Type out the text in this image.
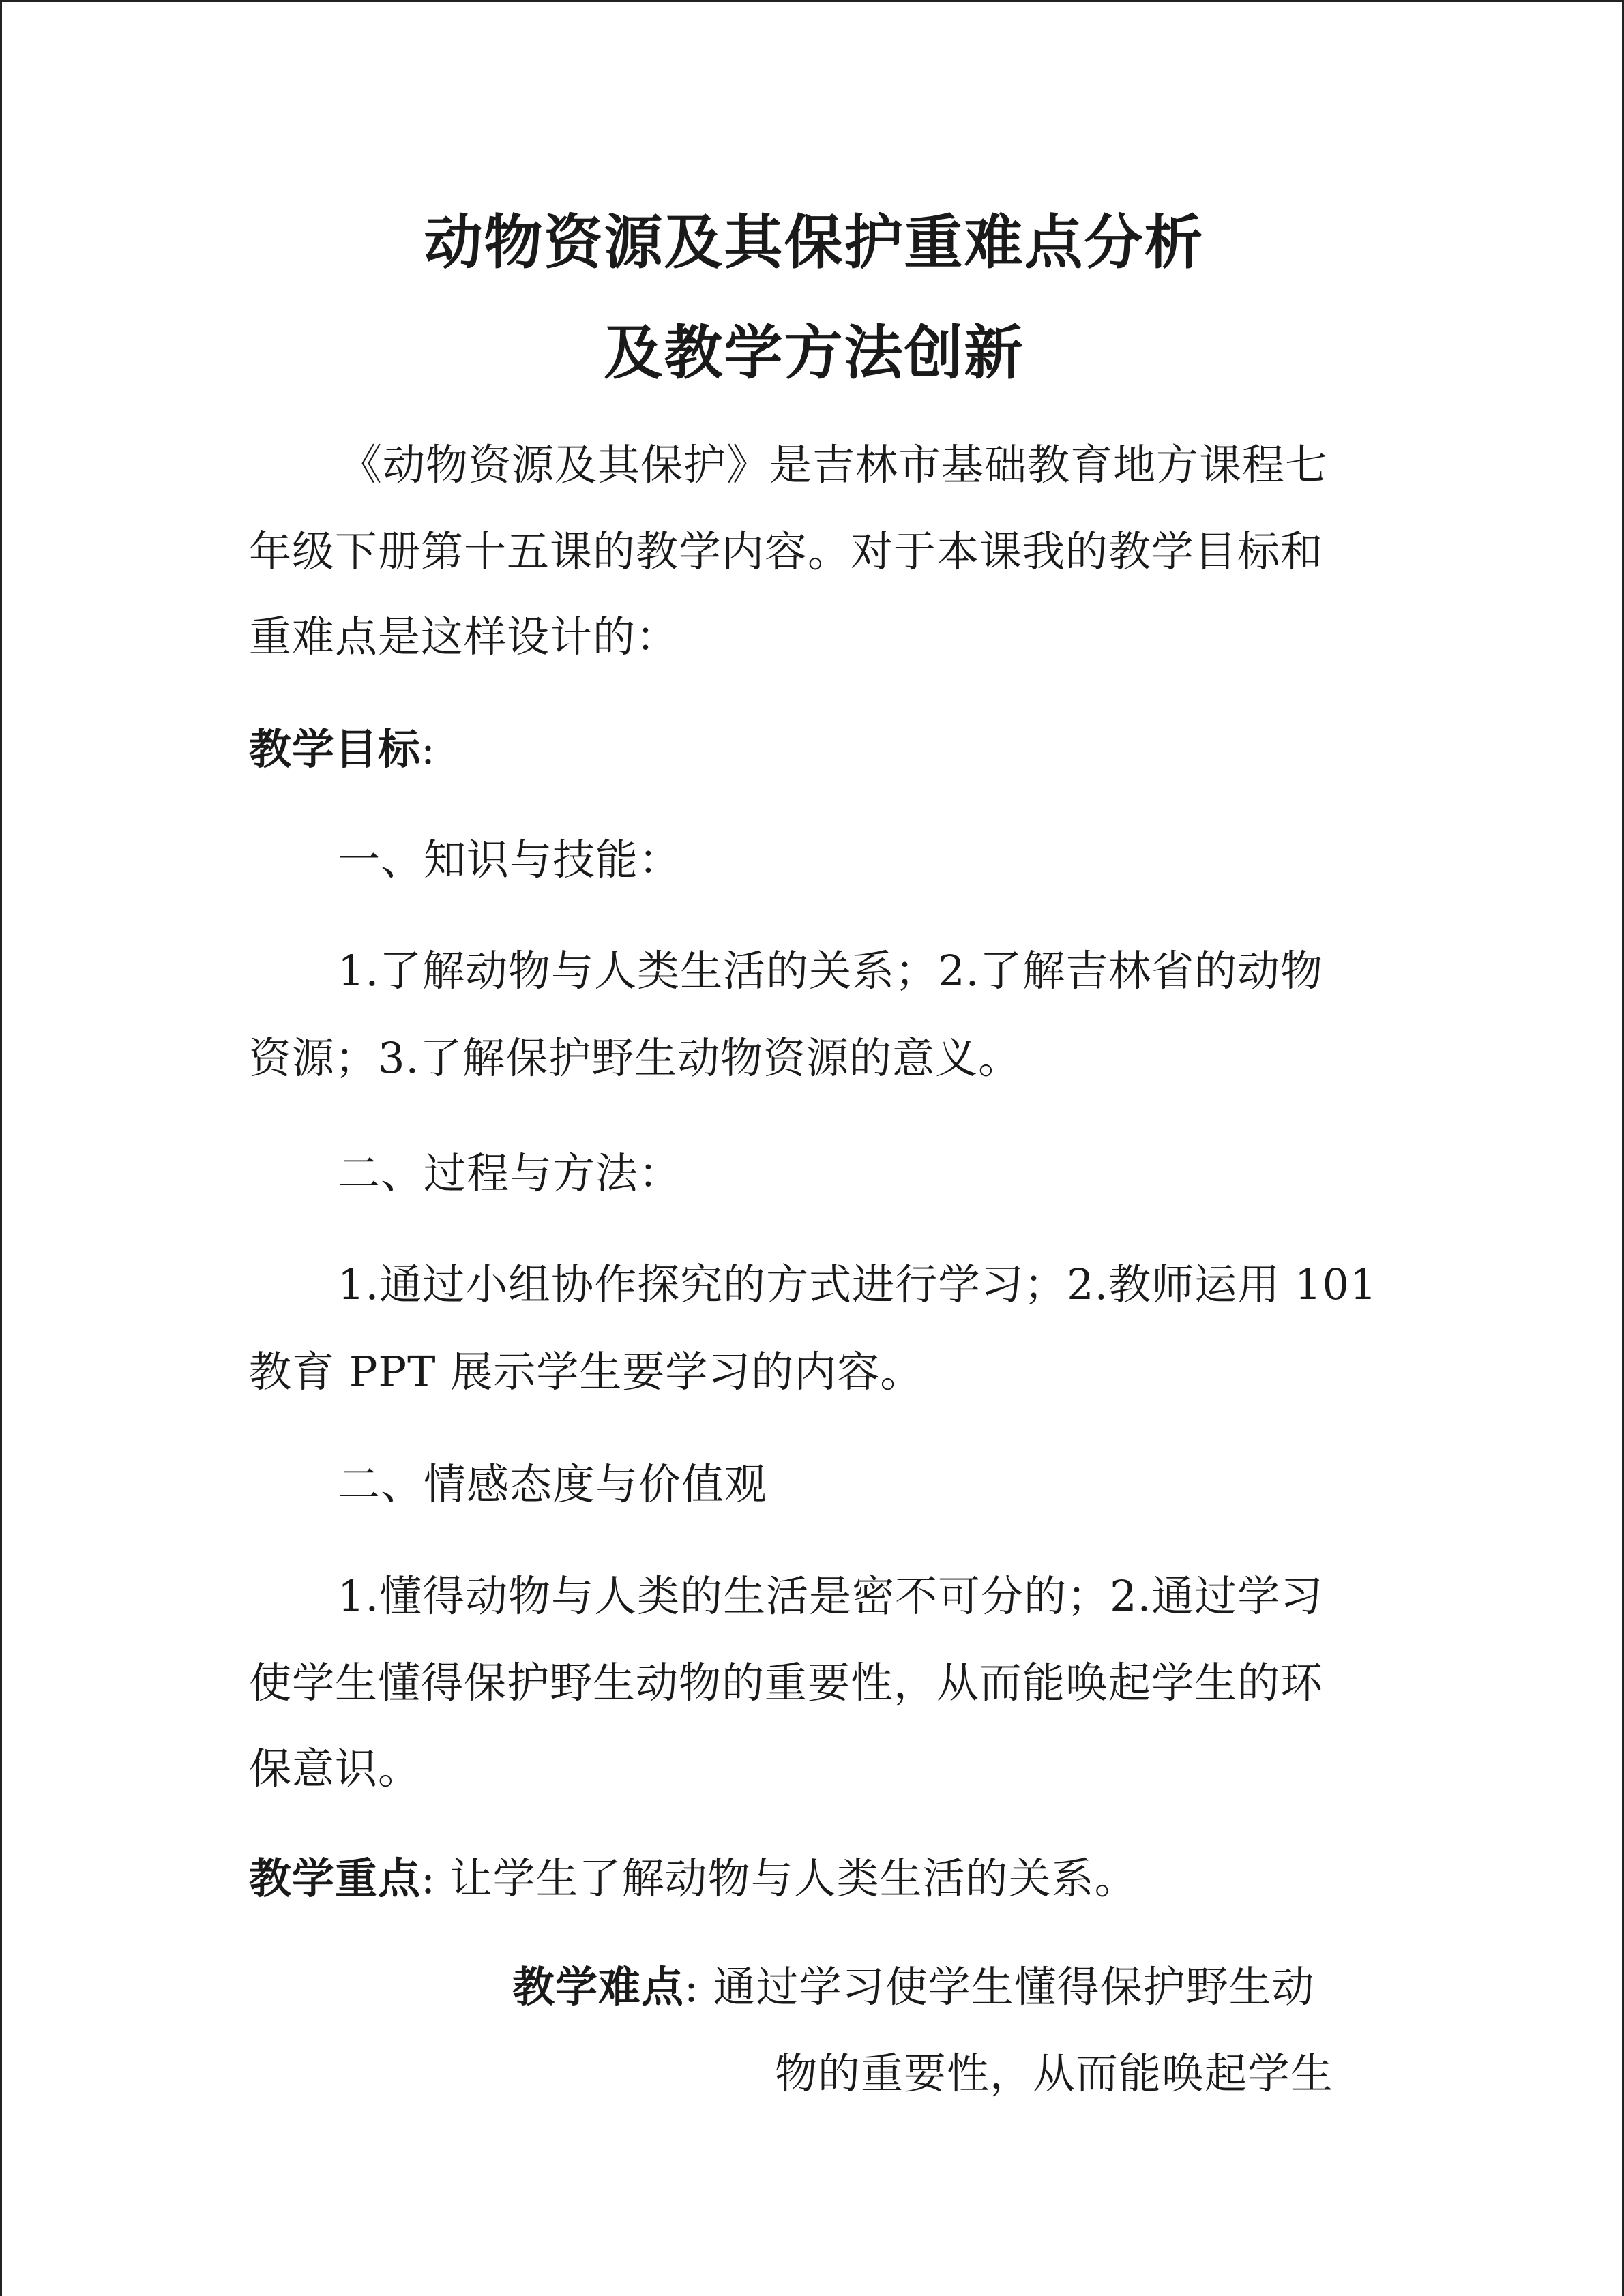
动物资源及其保护重难点分析
及教学方法创新
《动物资源及其保护》是吉林市基础教育地方课程七
年级下册第十五课的教学内容。对于本课我的教学目标和
重难点是这样设计的：
教学目标:
一、知识与技能：
1.了解动物与人类生活的关系；2.了解吉林省的动物
资源；3.了解保护野生动物资源的意义。
二、过程与方法：
1.通过小组协作探究的方式进行学习；2.教师运用 101
教育 PPT 展示学生要学习的内容。
二、情感态度与价值观
1.懂得动物与人类的生活是密不可分的；2.通过学习
使学生懂得保护野生动物的重要性，从而能唤起学生的环
保意识。
教学重点: 让学生了解动物与人类生活的关系。
教学难点: 通过学习使学生懂得保护野生动
物的重要性，从而能唤起学生
